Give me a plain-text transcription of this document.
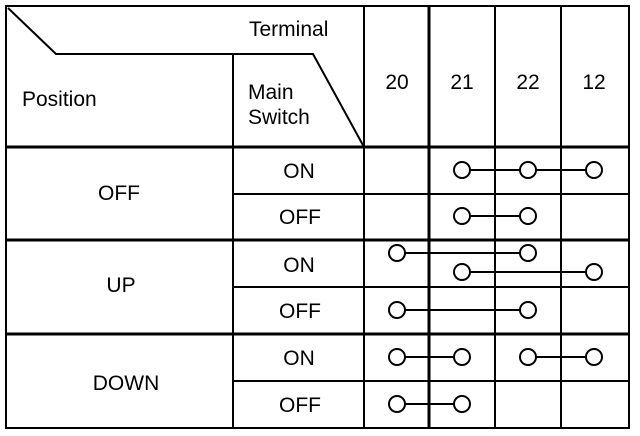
Terminal
Position	Main
Switch
20 21 22 12
OFF
UP
DOWN
ON
OFF
ON
OFF
ON
OFF
